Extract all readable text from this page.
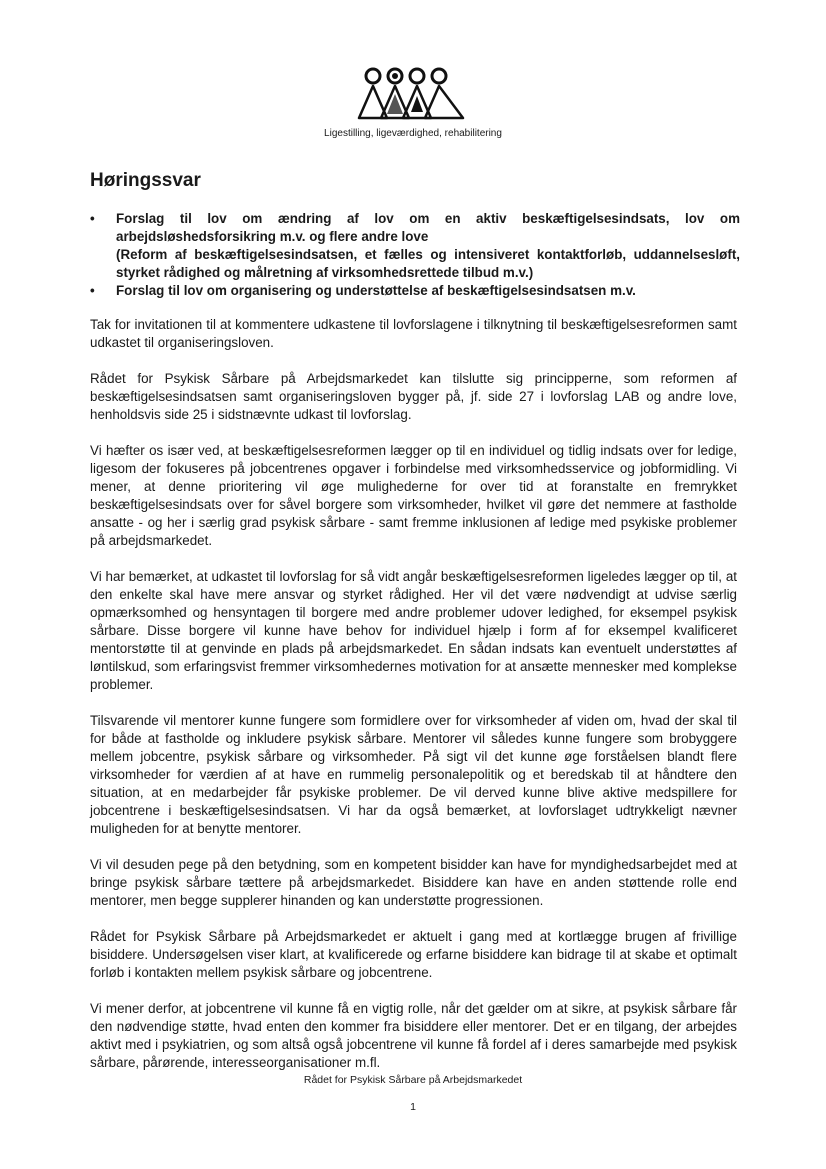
Ligestilling, ligeværdighed, rehabilitering
Høringssvar
• Forslag til lov om ændring af lov om en aktiv beskæftigelsesindsats, lov om arbejdsløshedsforsikring m.v. og flere andre love
(Reform af beskæftigelsesindsatsen, et fælles og intensiveret kontaktforløb, uddannelsesløft, styrket rådighed og målretning af virksomhedsrettede tilbud m.v.)
• Forslag til lov om organisering og understøttelse af beskæftigelsesindsatsen m.v.

Tak for invitationen til at kommentere udkastene til lovforslagene i tilknytning til beskæftigelsesreformen samt udkastet til organiseringsloven.

Rådet for Psykisk Sårbare på Arbejdsmarkedet kan tilslutte sig principperne, som reformen af beskæftigelsesindsatsen samt organiseringsloven bygger på, jf. side 27 i lovforslag LAB og andre love, henholdsvis side 25 i sidstnævnte udkast til lovforslag.

Vi hæfter os især ved, at beskæftigelsesreformen lægger op til en individuel og tidlig indsats over for ledige, ligesom der fokuseres på jobcentrenes opgaver i forbindelse med virksomhedsservice og jobformidling. Vi mener, at denne prioritering vil øge mulighederne for over tid at foranstalte en fremrykket beskæftigelsesindsats over for såvel borgere som virksomheder, hvilket vil gøre det nemmere at fastholde ansatte - og her i særlig grad psykisk sårbare - samt fremme inklusionen af ledige med psykiske problemer på arbejdsmarkedet.

Vi har bemærket, at udkastet til lovforslag for så vidt angår beskæftigelsesreformen ligeledes lægger op til, at den enkelte skal have mere ansvar og styrket rådighed. Her vil det være nødvendigt at udvise særlig opmærksomhed og hensyntagen til borgere med andre problemer udover ledighed, for eksempel psykisk sårbare. Disse borgere vil kunne have behov for individuel hjælp i form af for eksempel kvalificeret mentorstøtte til at genvinde en plads på arbejdsmarkedet. En sådan indsats kan eventuelt understøttes af løntilskud, som erfaringsvist fremmer virksomhedernes motivation for at ansætte mennesker med komplekse problemer.

Tilsvarende vil mentorer kunne fungere som formidlere over for virksomheder af viden om, hvad der skal til for både at fastholde og inkludere psykisk sårbare. Mentorer vil således kunne fungere som brobyggere mellem jobcentre, psykisk sårbare og virksomheder. På sigt vil det kunne øge forståelsen blandt flere virksomheder for værdien af at have en rummelig personalepolitik og et beredskab til at håndtere den situation, at en medarbejder får psykiske problemer. De vil derved kunne blive aktive medspillere for jobcentrene i beskæftigelsesindsatsen. Vi har da også bemærket, at lovforslaget udtrykkeligt nævner muligheden for at benytte mentorer.

Vi vil desuden pege på den betydning, som en kompetent bisidder kan have for myndighedsarbejdet med at bringe psykisk sårbare tættere på arbejdsmarkedet. Bisiddere kan have en anden støttende rolle end mentorer, men begge supplerer hinanden og kan understøtte progressionen.

Rådet for Psykisk Sårbare på Arbejdsmarkedet er aktuelt i gang med at kortlægge brugen af frivillige bisiddere. Undersøgelsen viser klart, at kvalificerede og erfarne bisiddere kan bidrage til at skabe et optimalt forløb i kontakten mellem psykisk sårbare og jobcentrene.

Vi mener derfor, at jobcentrene vil kunne få en vigtig rolle, når det gælder om at sikre, at psykisk sårbare får den nødvendige støtte, hvad enten den kommer fra bisiddere eller mentorer. Det er en tilgang, der arbejdes aktivt med i psykiatrien, og som altså også jobcentrene vil kunne få fordel af i deres samarbejde med psykisk sårbare, pårørende, interesseorganisationer m.fl.

Rådet for Psykisk Sårbare på Arbejdsmarkedet
1
